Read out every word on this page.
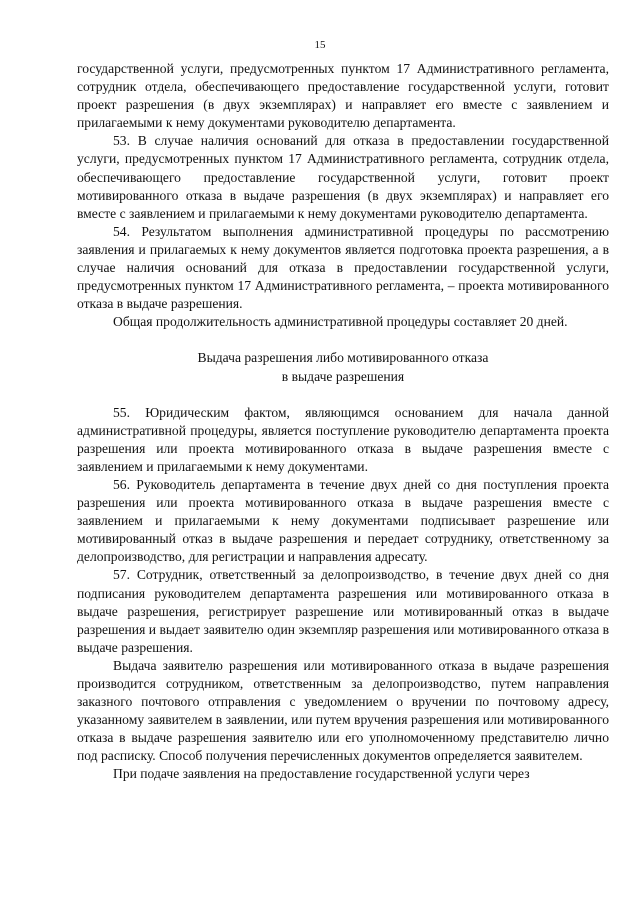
15

государственной услуги, предусмотренных пунктом 17 Административного регламента, сотрудник отдела, обеспечивающего предоставление государственной услуги, готовит проект разрешения (в двух экземплярах) и направляет его вместе с заявлением и прилагаемыми к нему документами руководителю департамента.

53. В случае наличия оснований для отказа в предоставлении государственной услуги, предусмотренных пунктом 17 Административного регламента, сотрудник отдела, обеспечивающего предоставление государственной услуги, готовит проект мотивированного отказа в выдаче разрешения (в двух экземплярах) и направляет его вместе с заявлением и прилагаемыми к нему документами руководителю департамента.

54. Результатом выполнения административной процедуры по рассмотрению заявления и прилагаемых к нему документов является подготовка проекта разрешения, а в случае наличия оснований для отказа в предоставлении государственной услуги, предусмотренных пунктом 17 Административного регламента, – проекта мотивированного отказа в выдаче разрешения.

Общая продолжительность административной процедуры составляет 20 дней.

Выдача разрешения либо мотивированного отказа
в выдаче разрешения

55. Юридическим фактом, являющимся основанием для начала данной административной процедуры, является поступление руководителю департамента проекта разрешения или проекта мотивированного отказа в выдаче разрешения вместе с заявлением и прилагаемыми к нему документами.

56. Руководитель департамента в течение двух дней со дня поступления проекта разрешения или проекта мотивированного отказа в выдаче разрешения вместе с заявлением и прилагаемыми к нему документами подписывает разрешение или мотивированный отказ в выдаче разрешения и передает сотруднику, ответственному за делопроизводство, для регистрации и направления адресату.

57. Сотрудник, ответственный за делопроизводство, в течение двух дней со дня подписания руководителем департамента разрешения или мотивированного отказа в выдаче разрешения, регистрирует разрешение или мотивированный отказ в выдаче разрешения и выдает заявителю один экземпляр разрешения или мотивированного отказа в выдаче разрешения.

Выдача заявителю разрешения или мотивированного отказа в выдаче разрешения производится сотрудником, ответственным за делопроизводство, путем направления заказного почтового отправления с уведомлением о вручении по почтовому адресу, указанному заявителем в заявлении, или путем вручения разрешения или мотивированного отказа в выдаче разрешения заявителю или его уполномоченному представителю лично под расписку. Способ получения перечисленных документов определяется заявителем.

При подаче заявления на предоставление государственной услуги через
